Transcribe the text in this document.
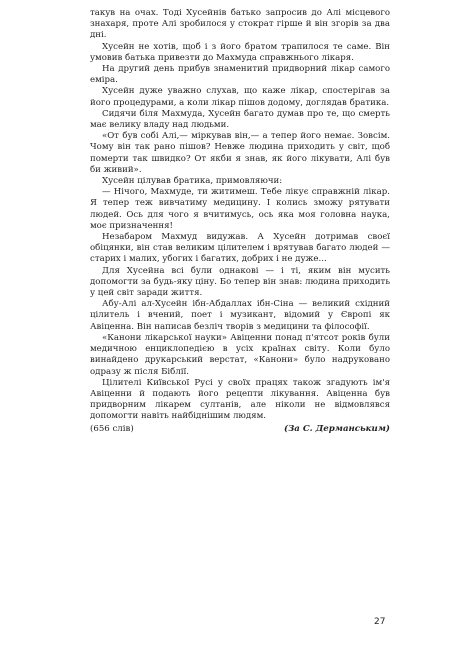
такув на очах. Тоді Хусейнів батько запросив до Алі місцевого знахаря, проте Алі зробилося у стократ гірше й він згорів за два дні.

Хусейн не хотів, щоб і з його братом трапилося те саме. Він умовив батька привезти до Махмуда справжнього лікаря.

На другий день прибув знаменитий придворний лікар самого еміра.

Хусейн дуже уважно слухав, що каже лікар, спостерігав за його процедурами, а коли лікар пішов додому, доглядав братика.

Сидячи біля Махмуда, Хусейн багато думав про те, що смерть має велику владу над людьми.

«От був собі Алі,— міркував він,— а тепер його немає. Зовсім. Чому він так рано пішов? Невже людина приходить у світ, щоб померти так швидко? От якби я знав, як його лікувати, Алі був би живий».

Хусейн цілував братика, примовляючи:

— Нічого, Махмуде, ти житимеш. Тебе лікує справжній лікар. Я тепер теж вивчатиму медицину. І колись зможу рятувати людей. Ось для чого я вчитимусь, ось яка моя головна наука, моє призначення!

Незабаром Махмуд видужав. А Хусейн дотримав своєї обіцянки, він став великим цілителем і врятував багато людей — старих і малих, убогих і багатих, добрих і не дуже...

Для Хусейна всі були однакові — і ті, яким він мусить допомогти за будь-яку ціну. Бо тепер він знав: людина приходить у цей світ заради життя.

Абу-Алі ал-Хусейн ібн-Абдаллах ібн-Сіна — великий східний цілитель і вчений, поет і музикант, відомий у Європі як Авіценна. Він написав безліч творів з медицини та філософії.

«Канони лікарської науки» Авіценни понад п'ятсот років були медичною енциклопедією в усіх країнах світу. Коли було винайдено друкарський верстат, «Канони» було надруковано одразу ж після Біблії.

Цілителі Київської Русі у своїх працях також згадують ім'я Авіценни й подають його рецепти лікування. Авіценна був придворним лікарем султанів, але ніколи не відмовлявся допомогти навіть найбіднішим людям.

(656 слів)	(За С. Дерманським)
27
